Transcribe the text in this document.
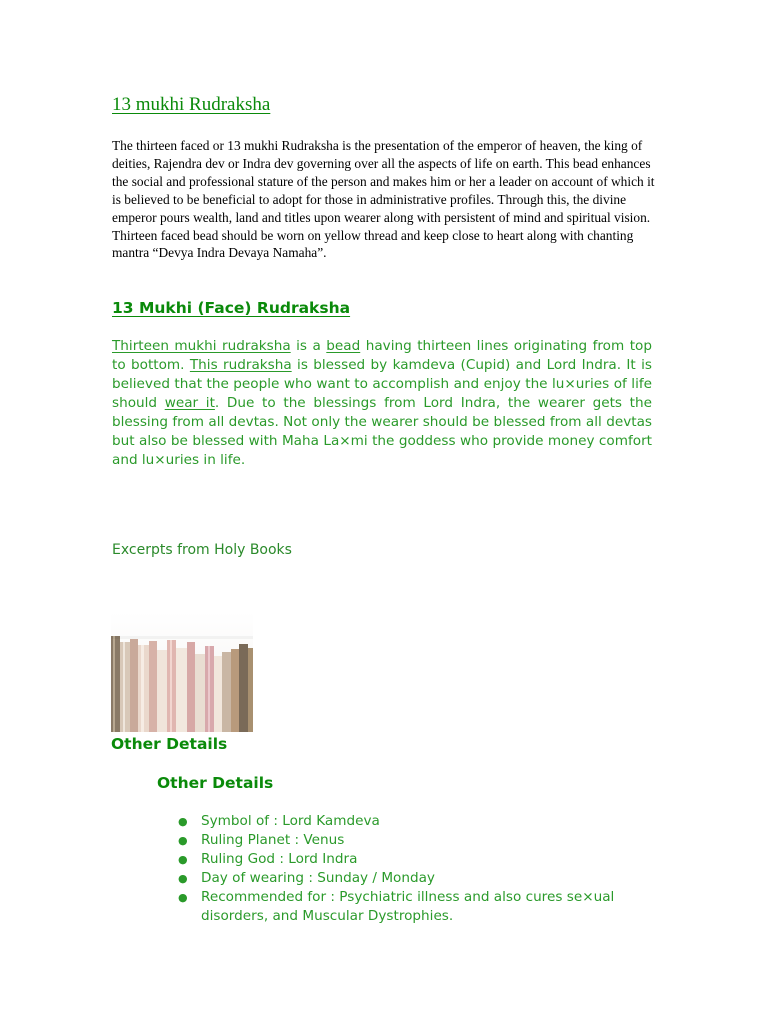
13 mukhi Rudraksha

The thirteen faced or 13 mukhi Rudraksha is the presentation of the emperor of heaven, the king of deities, Rajendra dev or Indra dev governing over all the aspects of life on earth. This bead enhances the social and professional stature of the person and makes him or her a leader on account of which it is believed to be beneficial to adopt for those in administrative profiles. Through this, the divine emperor pours wealth, land and titles upon wearer along with persistent of mind and spiritual vision. Thirteen faced bead should be worn on yellow thread and keep close to heart along with chanting mantra “Devya Indra Devaya Namaha”.

13 Mukhi (Face) Rudraksha

Thirteen mukhi rudraksha is a bead having thirteen lines originating from top to bottom. This rudraksha is blessed by kamdeva (Cupid) and Lord Indra. It is believed that the people who want to accomplish and enjoy the lu×uries of life should wear it. Due to the blessings from Lord Indra, the wearer gets the blessing from all devtas. Not only the wearer should be blessed from all devtas but also be blessed with Maha La×mi the goddess who provide money comfort and lu×uries in life.

Excerpts from Holy Books
Other Details
Other Details
● Symbol of : Lord Kamdeva
● Ruling Planet : Venus
● Ruling God : Lord Indra
● Day of wearing : Sunday / Monday
● Recommended for : Psychiatric illness and also cures se×ual disorders, and Muscular Dystrophies.
